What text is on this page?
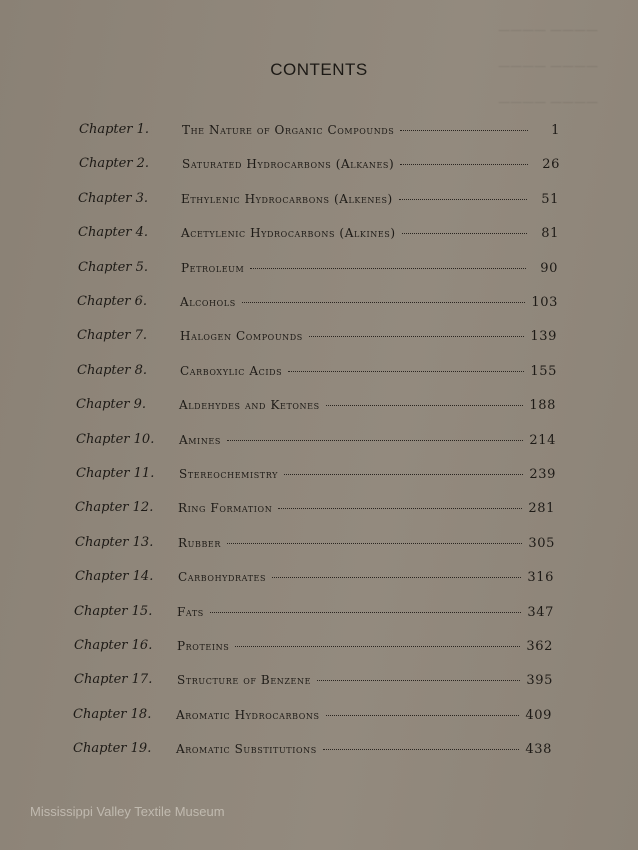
———— ————
———— ————
———— ————
CONTENTS
Chapter 1.	The Nature of Organic Compounds	1
Chapter 2.	Saturated Hydrocarbons (Alkanes)	26
Chapter 3.	Ethylenic Hydrocarbons (Alkenes)	51
Chapter 4.	Acetylenic Hydrocarbons (Alkines)	81
Chapter 5.	Petroleum	90
Chapter 6.	Alcohols	103
Chapter 7.	Halogen Compounds	139
Chapter 8.	Carboxylic Acids	155
Chapter 9.	Aldehydes and Ketones	188
Chapter 10.	Amines	214
Chapter 11.	Stereochemistry	239
Chapter 12.	Ring Formation	281
Chapter 13.	Rubber	305
Chapter 14.	Carbohydrates	316
Chapter 15.	Fats	347
Chapter 16.	Proteins	362
Chapter 17.	Structure of Benzene	395
Chapter 18.	Aromatic Hydrocarbons	409
Chapter 19.	Aromatic Substitutions	438
Mississippi Valley Textile Museum
